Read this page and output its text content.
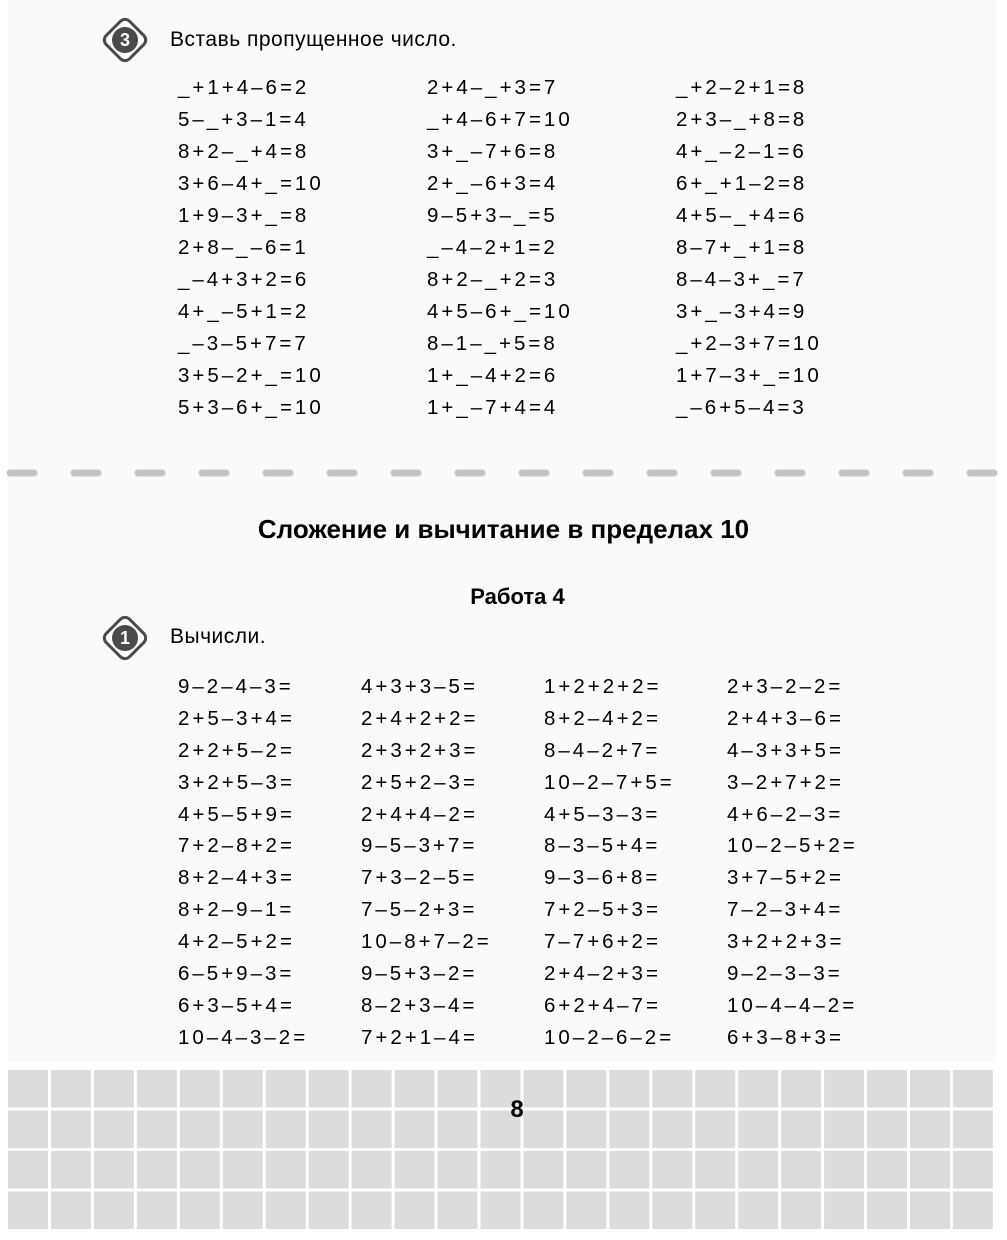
3	Вставь пропущенное число.
_+1+4–6=2
5–_+3–1=4
8+2–_+4=8
3+6–4+_=10
1+9–3+_=8
2+8–_–6=1
_–4+3+2=6
4+_–5+1=2
_–3–5+7=7
3+5–2+_=10
5+3–6+_=10
2+4–_+3=7
_+4–6+7=10
3+_–7+6=8
2+_–6+3=4
9–5+3–_=5
_–4–2+1=2
8+2–_+2=3
4+5–6+_=10
8–1–_+5=8
1+_–4+2=6
1+_–7+4=4
_+2–2+1=8
2+3–_+8=8
4+_–2–1=6
6+_+1–2=8
4+5–_+4=6
8–7+_+1=8
8–4–3+_=7
3+_–3+4=9
_+2–3+7=10
1+7–3+_=10
_–6+5–4=3
Сложение и вычитание в пределах 10
Работа 4
1	Вычисли.
9–2–4–3=
2+5–3+4=
2+2+5–2=
3+2+5–3=
4+5–5+9=
7+2–8+2=
8+2–4+3=
8+2–9–1=
4+2–5+2=
6–5+9–3=
6+3–5+4=
10–4–3–2=
4+3+3–5=
2+4+2+2=
2+3+2+3=
2+5+2–3=
2+4+4–2=
9–5–3+7=
7+3–2–5=
7–5–2+3=
10–8+7–2=
9–5+3–2=
8–2+3–4=
7+2+1–4=
1+2+2+2=
8+2–4+2=
8–4–2+7=
10–2–7+5=
4+5–3–3=
8–3–5+4=
9–3–6+8=
7+2–5+3=
7–7+6+2=
2+4–2+3=
6+2+4–7=
10–2–6–2=
2+3–2–2=
2+4+3–6=
4–3+3+5=
3–2+7+2=
4+6–2–3=
10–2–5+2=
3+7–5+2=
7–2–3+4=
3+2+2+3=
9–2–3–3=
10–4–4–2=
6+3–8+3=
8
